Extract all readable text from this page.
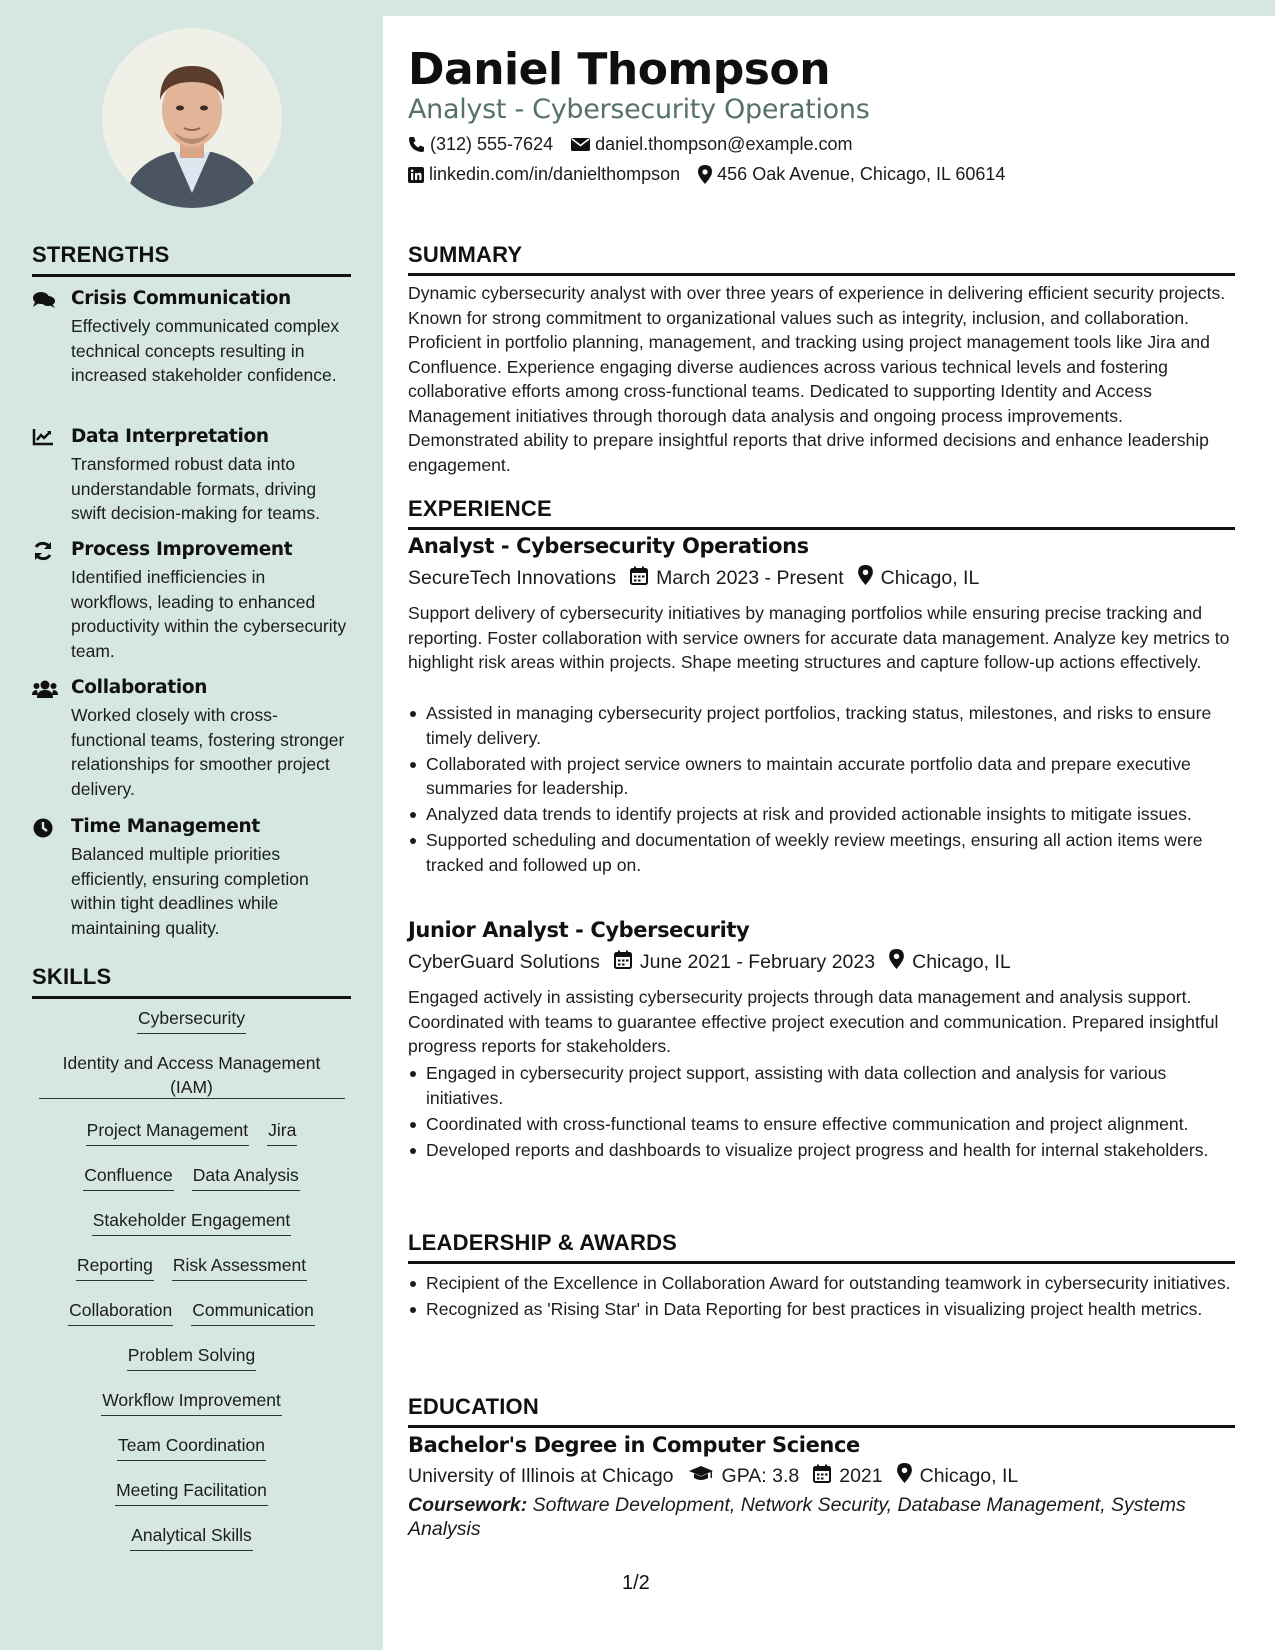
STRENGTHS
Crisis Communication
Effectively communicated complex technical concepts resulting in increased stakeholder confidence.
Data Interpretation
Transformed robust data into understandable formats, driving swift decision-making for teams.
Process Improvement
Identified inefficiencies in workflows, leading to enhanced productivity within the cybersecurity team.
Collaboration
Worked closely with cross-functional teams, fostering stronger relationships for smoother project delivery.
Time Management
Balanced multiple priorities efficiently, ensuring completion within tight deadlines while maintaining quality.
SKILLS
Cybersecurity
Identity and Access Management (IAM)
Project Management Jira
Confluence Data Analysis
Stakeholder Engagement
Reporting Risk Assessment
Collaboration Communication
Problem Solving
Workflow Improvement
Team Coordination
Meeting Facilitation
Analytical Skills
Daniel Thompson
Analyst - Cybersecurity Operations
(312) 555-7624 daniel.thompson@example.com
linkedin.com/in/danielthompson 456 Oak Avenue, Chicago, IL 60614
SUMMARY
Dynamic cybersecurity analyst with over three years of experience in delivering efficient security projects. Known for strong commitment to organizational values such as integrity, inclusion, and collaboration. Proficient in portfolio planning, management, and tracking using project management tools like Jira and Confluence. Experience engaging diverse audiences across various technical levels and fostering collaborative efforts among cross-functional teams. Dedicated to supporting Identity and Access Management initiatives through thorough data analysis and ongoing process improvements. Demonstrated ability to prepare insightful reports that drive informed decisions and enhance leadership engagement.
EXPERIENCE
Analyst - Cybersecurity Operations
SecureTech Innovations March 2023 - Present Chicago, IL
Support delivery of cybersecurity initiatives by managing portfolios while ensuring precise tracking and reporting. Foster collaboration with service owners for accurate data management. Analyze key metrics to highlight risk areas within projects. Shape meeting structures and capture follow-up actions effectively.
Assisted in managing cybersecurity project portfolios, tracking status, milestones, and risks to ensure timely delivery.
Collaborated with project service owners to maintain accurate portfolio data and prepare executive summaries for leadership.
Analyzed data trends to identify projects at risk and provided actionable insights to mitigate issues.
Supported scheduling and documentation of weekly review meetings, ensuring all action items were tracked and followed up on.
Junior Analyst - Cybersecurity
CyberGuard Solutions June 2021 - February 2023 Chicago, IL
Engaged actively in assisting cybersecurity projects through data management and analysis support. Coordinated with teams to guarantee effective project execution and communication. Prepared insightful progress reports for stakeholders.
Engaged in cybersecurity project support, assisting with data collection and analysis for various initiatives.
Coordinated with cross-functional teams to ensure effective communication and project alignment.
Developed reports and dashboards to visualize project progress and health for internal stakeholders.
LEADERSHIP & AWARDS
Recipient of the Excellence in Collaboration Award for outstanding teamwork in cybersecurity initiatives.
Recognized as 'Rising Star' in Data Reporting for best practices in visualizing project health metrics.
EDUCATION
Bachelor's Degree in Computer Science
University of Illinois at Chicago GPA: 3.8 2021 Chicago, IL
Coursework: Software Development, Network Security, Database Management, Systems Analysis
1/2
